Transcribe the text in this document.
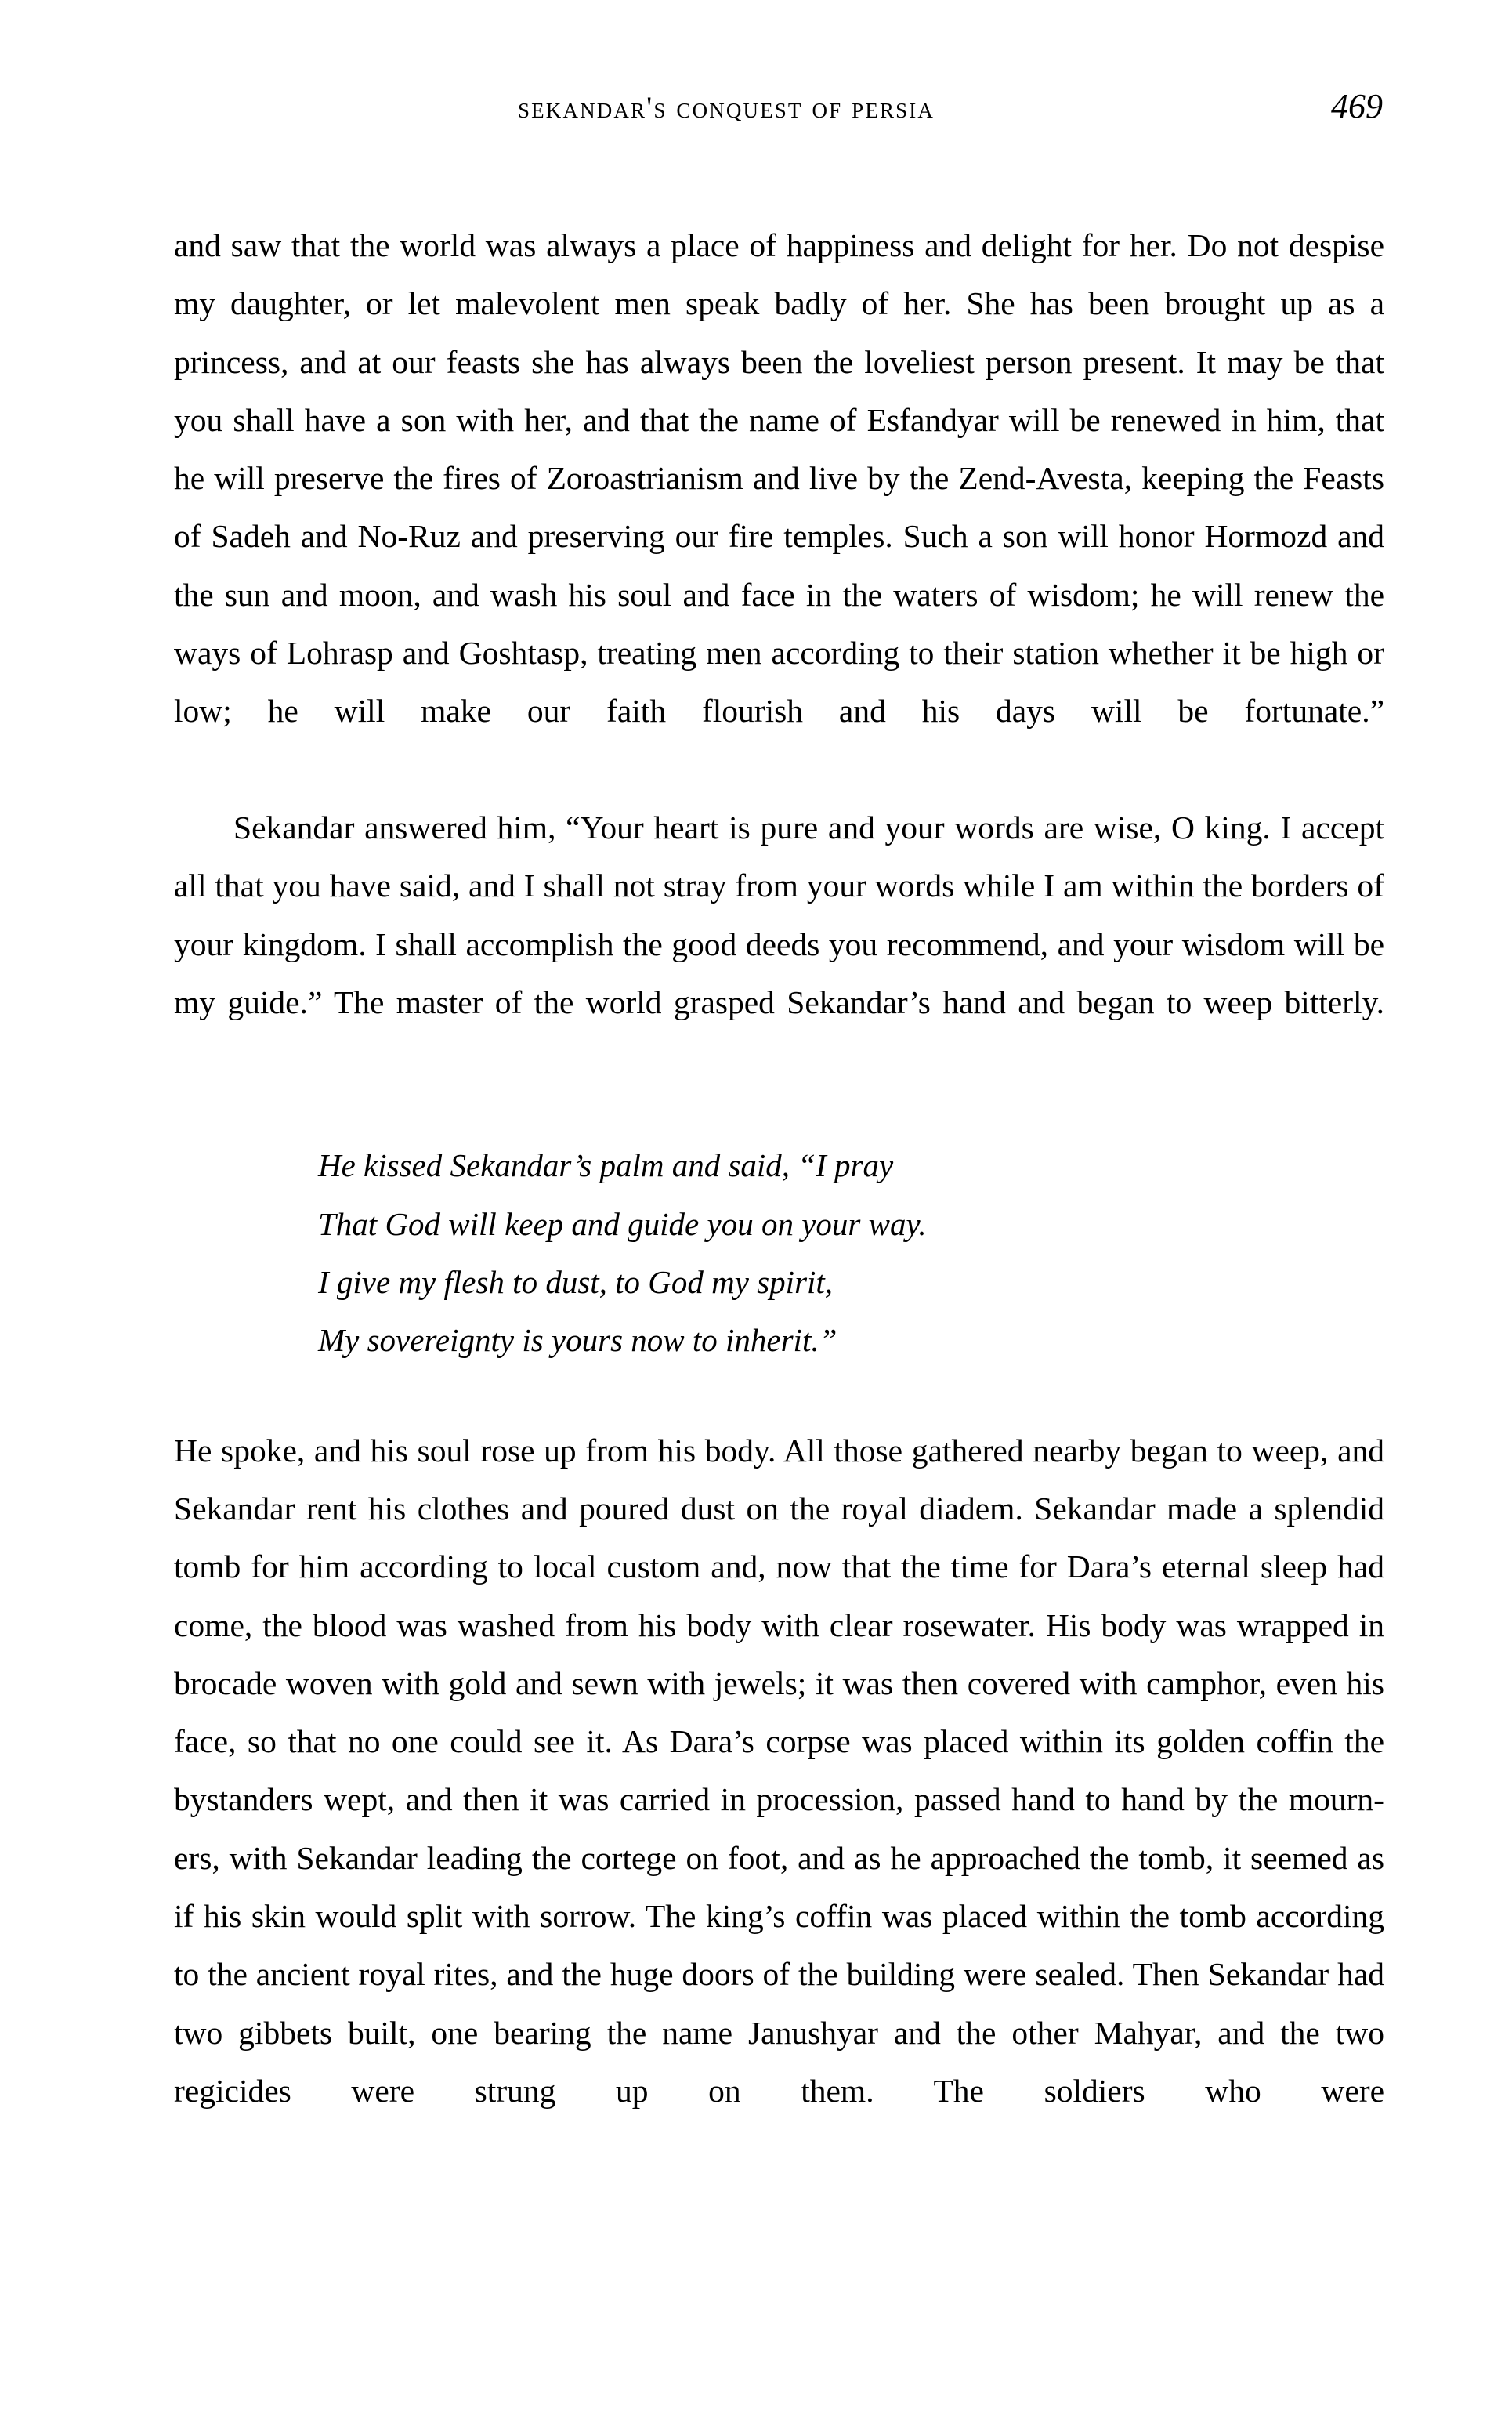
sekandar's conquest of persia	469

and saw that the world was always a place of happiness and delight for her. Do not despise my daughter, or let malevolent men speak badly of her. She has been brought up as a princess, and at our feasts she has always been the loveliest person present. It may be that you shall have a son with her, and that the name of Esfandyar will be renewed in him, that he will preserve the fires of Zoroastrianism and live by the Zend-Avesta, keeping the Feasts of Sadeh and No-Ruz and preserving our fire temples. Such a son will honor Hormozd and the sun and moon, and wash his soul and face in the waters of wisdom; he will renew the ways of Lohrasp and Goshtasp, treating men according to their station whether it be high or low; he will make our faith flourish and his days will be fortunate.”

Sekandar answered him, “Your heart is pure and your words are wise, O king. I accept all that you have said, and I shall not stray from your words while I am within the borders of your kingdom. I shall accomplish the good deeds you recommend, and your wisdom will be my guide.” The master of the world grasped Sekandar’s hand and began to weep bitterly.

He kissed Sekandar’s palm and said, “I pray
That God will keep and guide you on your way.
I give my flesh to dust, to God my spirit,
My sovereignty is yours now to inherit.”

He spoke, and his soul rose up from his body. All those gathered nearby began to weep, and Sekandar rent his clothes and poured dust on the royal diadem. Sekandar made a splendid tomb for him according to local custom and, now that the time for Dara’s eternal sleep had come, the blood was washed from his body with clear rosewater. His body was wrapped in brocade woven with gold and sewn with jewels; it was then covered with camphor, even his face, so that no one could see it. As Dara’s corpse was placed within its golden coffin the bystanders wept, and then it was carried in procession, passed hand to hand by the mourn-ers, with Sekandar leading the cortege on foot, and as he approached the tomb, it seemed as if his skin would split with sorrow. The king’s coffin was placed within the tomb according to the ancient royal rites, and the huge doors of the building were sealed. Then Sekandar had two gibbets built, one bearing the name Janushyar and the other Mahyar, and the two regicides were strung up on them. The soldiers who were
